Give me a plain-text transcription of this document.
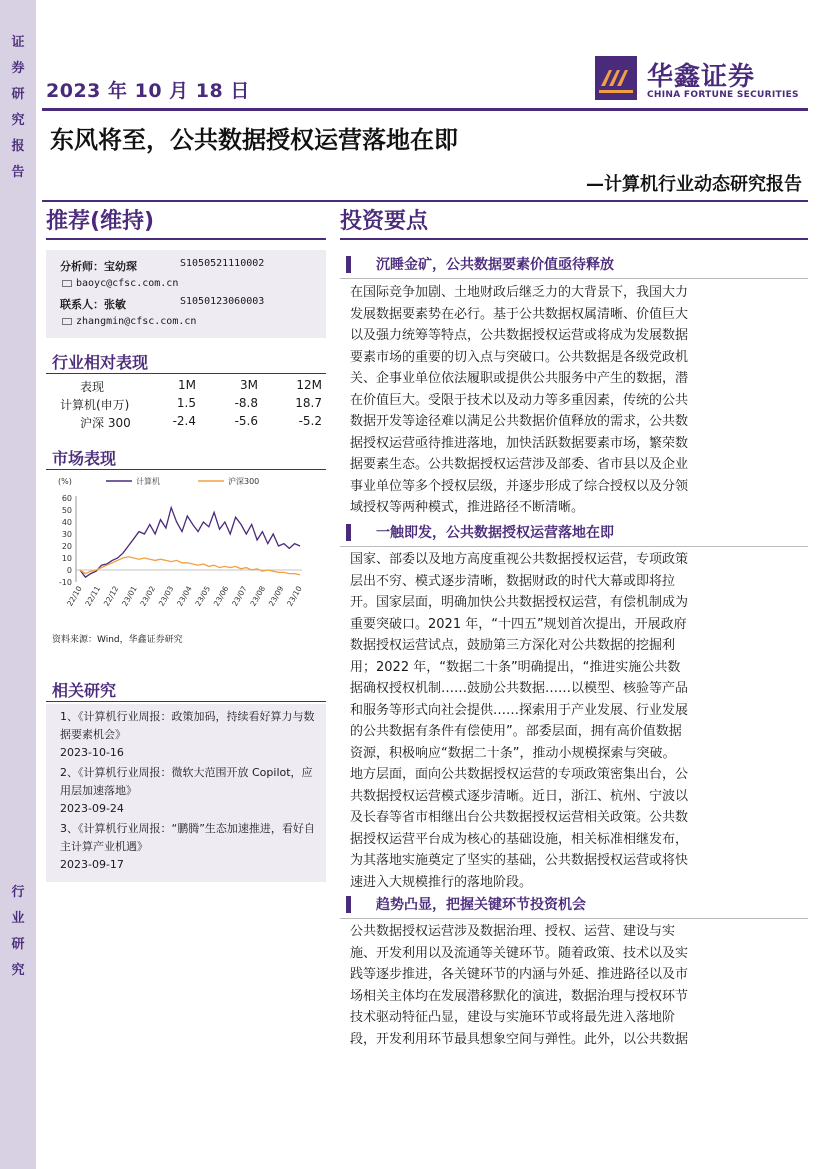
证
券
研
究
报
告
行
业
研
究
2023 年 10 月 18 日	华鑫证券
CHINA FORTUNE SECURITIES
东风将至，公共数据授权运营落地在即
—计算机行业动态研究报告
推荐(维持)
分析师：宝幼琛	S1050521110002
baoyc@cfsc.com.cn
联系人：张敏	S1050123060003
zhangmin@cfsc.com.cn
行业相对表现
表现	1M	3M	12M
计算机(申万)	1.5	-8.8	18.7
沪深 300	-2.4	-5.6	-5.2
市场表现
(%)	计算机	沪深300
60
50
40
30
20
10
0
-10
22/10 22/11 22/12 23/01 23/02 23/03 23/04 23/05 23/06 23/07 23/08 23/09 23/10
资料来源：Wind，华鑫证券研究
相关研究
1、《计算机行业周报：政策加码，持续看好算力与数据要素机会》
2023-10-16
2、《计算机行业周报：微软大范围开放 Copilot，应用层加速落地》
2023-09-24
3、《计算机行业周报：“鹏腾”生态加速推进，看好自主计算产业机遇》
2023-09-17
投资要点
沉睡金矿，公共数据要素价值亟待释放
在国际竞争加剧、土地财政后继乏力的大背景下，我国大力
发展数据要素势在必行。基于公共数据权属清晰、价值巨大
以及强力统筹等特点，公共数据授权运营或将成为发展数据
要素市场的重要的切入点与突破口。公共数据是各级党政机
关、企事业单位依法履职或提供公共服务中产生的数据，潜
在价值巨大。受限于技术以及动力等多重因素，传统的公共
数据开发等途径难以满足公共数据价值释放的需求，公共数
据授权运营亟待推进落地，加快活跃数据要素市场，繁荣数
据要素生态。公共数据授权运营涉及部委、省市县以及企业
事业单位等多个授权层级，并逐步形成了综合授权以及分领
域授权等两种模式，推进路径不断清晰。
一触即发，公共数据授权运营落地在即
国家、部委以及地方高度重视公共数据授权运营，专项政策
层出不穷、模式逐步清晰，数据财政的时代大幕或即将拉
开。国家层面，明确加快公共数据授权运营，有偿机制成为
重要突破口。2021 年，“十四五”规划首次提出，开展政府
数据授权运营试点，鼓励第三方深化对公共数据的挖掘利
用；2022 年，“数据二十条”明确提出，“推进实施公共数
据确权授权机制……鼓励公共数据……以模型、核验等产品
和服务等形式向社会提供……探索用于产业发展、行业发展
的公共数据有条件有偿使用”。部委层面，拥有高价值数据
资源，积极响应“数据二十条”，推动小规模探索与突破。
地方层面，面向公共数据授权运营的专项政策密集出台，公
共数据授权运营模式逐步清晰。近日，浙江、杭州、宁波以
及长春等省市相继出台公共数据授权运营相关政策。公共数
据授权运营平台成为核心的基础设施，相关标准相继发布，
为其落地实施奠定了坚实的基础，公共数据授权运营或将快
速进入大规模推行的落地阶段。
趋势凸显，把握关键环节投资机会
公共数据授权运营涉及数据治理、授权、运营、建设与实
施、开发利用以及流通等关键环节。随着政策、技术以及实
践等逐步推进，各关键环节的内涵与外延、推进路径以及市
场相关主体均在发展潜移默化的演进，数据治理与授权环节
技术驱动特征凸显，建设与实施环节或将最先进入落地阶
段，开发利用环节最具想象空间与弹性。此外，以公共数据
